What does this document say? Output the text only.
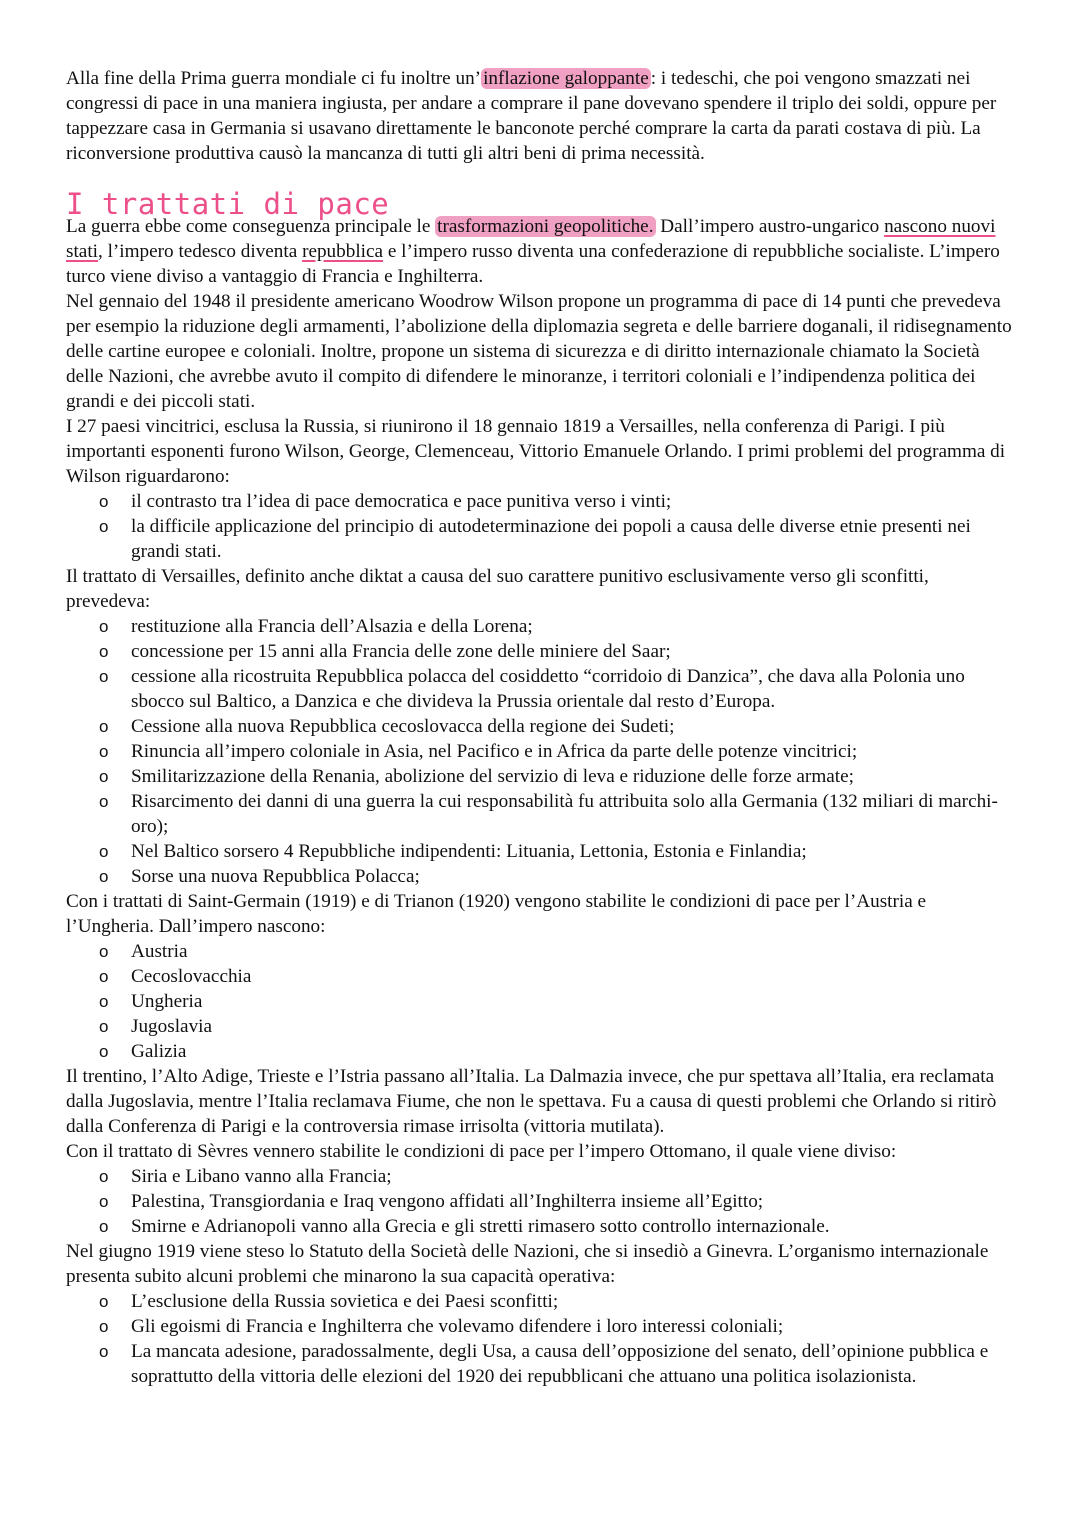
Alla fine della Prima guerra mondiale ci fu inoltre un’ inflazione galoppante : i tedeschi, che poi vengono smazzati nei congressi di pace in una maniera ingiusta, per andare a comprare il pane dovevano spendere il triplo dei soldi, oppure per tappezzare casa in Germania si usavano direttamente le banconote perché comprare la carta da parati costava di più. La riconversione produttiva causò la mancanza di tutti gli altri beni di prima necessità.

I trattati di pace

La guerra ebbe come conseguenza principale le trasformazioni geopolitiche. Dall’impero austro-ungarico nascono nuovi stati, l’impero tedesco diventa repubblica e l’impero russo diventa una confederazione di repubbliche socialiste. L’impero turco viene diviso a vantaggio di Francia e Inghilterra.

Nel gennaio del 1948 il presidente americano Woodrow Wilson propone un programma di pace di 14 punti che prevedeva per esempio la riduzione degli armamenti, l’abolizione della diplomazia segreta e delle barriere doganali, il ridisegnamento delle cartine europee e coloniali. Inoltre, propone un sistema di sicurezza e di diritto internazionale chiamato la Società delle Nazioni, che avrebbe avuto il compito di difendere le minoranze, i territori coloniali e l’indipendenza politica dei grandi e dei piccoli stati.

I 27 paesi vincitrici, esclusa la Russia, si riunirono il 18 gennaio 1819 a Versailles, nella conferenza di Parigi. I più importanti esponenti furono Wilson, George, Clemenceau, Vittorio Emanuele Orlando. I primi problemi del programma di Wilson riguardarono:

o il contrasto tra l’idea di pace democratica e pace punitiva verso i vinti;
o la difficile applicazione del principio di autodeterminazione dei popoli a causa delle diverse etnie presenti nei grandi stati.

Il trattato di Versailles, definito anche diktat a causa del suo carattere punitivo esclusivamente verso gli sconfitti, prevedeva:

o restituzione alla Francia dell’Alsazia e della Lorena;
o concessione per 15 anni alla Francia delle zone delle miniere del Saar;
o cessione alla ricostruita Repubblica polacca del cosiddetto “corridoio di Danzica”, che dava alla Polonia uno sbocco sul Baltico, a Danzica e che divideva la Prussia orientale dal resto d’Europa.
o Cessione alla nuova Repubblica cecoslovacca della regione dei Sudeti;
o Rinuncia all’impero coloniale in Asia, nel Pacifico e in Africa da parte delle potenze vincitrici;
o Smilitarizzazione della Renania, abolizione del servizio di leva e riduzione delle forze armate;
o Risarcimento dei danni di una guerra la cui responsabilità fu attribuita solo alla Germania (132 miliari di marchi-oro);
o Nel Baltico sorsero 4 Repubbliche indipendenti: Lituania, Lettonia, Estonia e Finlandia;
o Sorse una nuova Repubblica Polacca;

Con i trattati di Saint-Germain (1919) e di Trianon (1920) vengono stabilite le condizioni di pace per l’Austria e l’Ungheria. Dall’impero nascono:

o Austria
o Cecoslovacchia
o Ungheria
o Jugoslavia
o Galizia

Il trentino, l’Alto Adige, Trieste e l’Istria passano all’Italia. La Dalmazia invece, che pur spettava all’Italia, era reclamata dalla Jugoslavia, mentre l’Italia reclamava Fiume, che non le spettava. Fu a causa di questi problemi che Orlando si ritirò dalla Conferenza di Parigi e la controversia rimase irrisolta (vittoria mutilata).

Con il trattato di Sèvres vennero stabilite le condizioni di pace per l’impero Ottomano, il quale viene diviso:

o Siria e Libano vanno alla Francia;
o Palestina, Transgiordania e Iraq vengono affidati all’Inghilterra insieme all’Egitto;
o Smirne e Adrianopoli vanno alla Grecia e gli stretti rimasero sotto controllo internazionale.

Nel giugno 1919 viene steso lo Statuto della Società delle Nazioni, che si insediò a Ginevra. L’organismo internazionale presenta subito alcuni problemi che minarono la sua capacità operativa:

o L’esclusione della Russia sovietica e dei Paesi sconfitti;
o Gli egoismi di Francia e Inghilterra che volevamo difendere i loro interessi coloniali;
o La mancata adesione, paradossalmente, degli Usa, a causa dell’opposizione del senato, dell’opinione pubblica e soprattutto della vittoria delle elezioni del 1920 dei repubblicani che attuano una politica isolazionista.
